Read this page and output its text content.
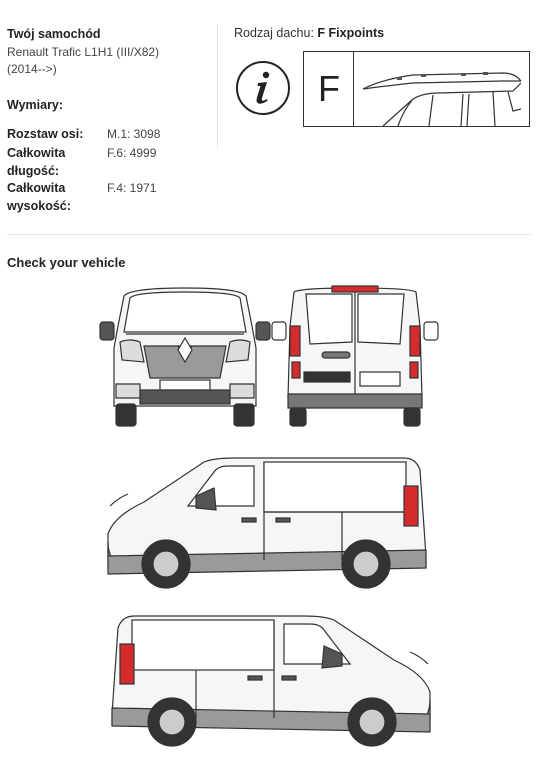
Twój samochód
Renault Trafic L1H1 (III/X82)
(2014-->)
Wymiary:
Rozstaw osi:	M.1: 3098
Całkowita długość:
F.6: 4999
Całkowita wysokość:
F.4: 1971
Rodzaj dachu: F Fixpoints
F
Check your vehicle
